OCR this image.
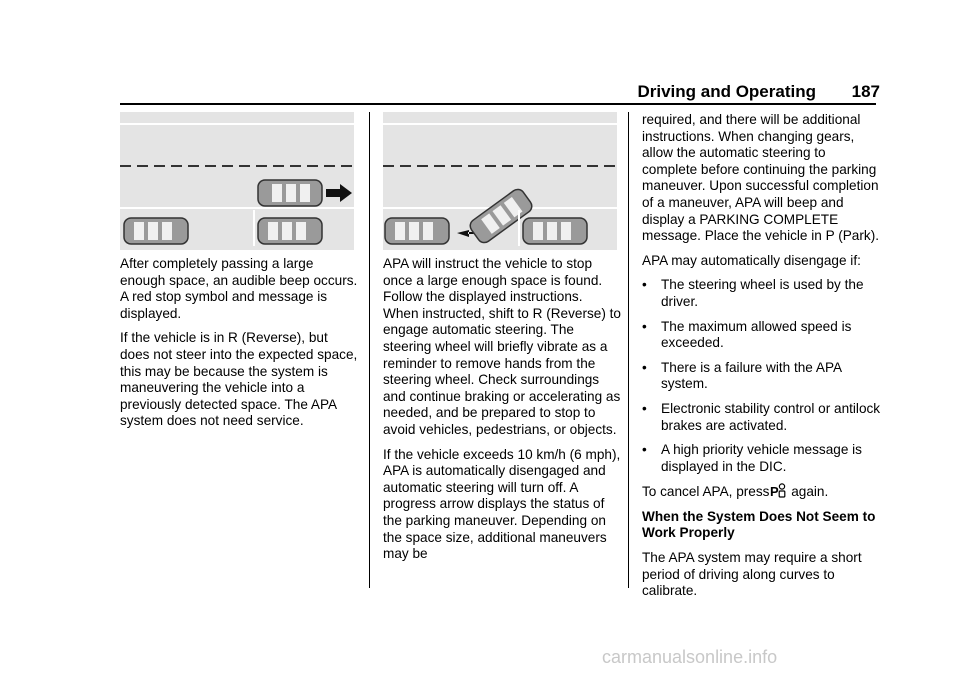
Driving and Operating 187

After completely passing a large enough space, an audible beep occurs. A red stop symbol and message is displayed.

If the vehicle is in R (Reverse), but does not steer into the expected space, this may be because the system is maneuvering the vehicle into a previously detected space. The APA system does not need service.

APA will instruct the vehicle to stop once a large enough space is found. Follow the displayed instructions. When instructed, shift to R (Reverse) to engage automatic steering. The steering wheel will briefly vibrate as a reminder to remove hands from the steering wheel. Check surroundings and continue braking or accelerating as needed, and be prepared to stop to avoid vehicles, pedestrians, or objects.

If the vehicle exceeds 10 km/h (6 mph), APA is automatically disengaged and automatic steering will turn off. A progress arrow displays the status of the parking maneuver. Depending on the space size, additional maneuvers may be

required, and there will be additional instructions. When changing gears, allow the automatic steering to complete before continuing the parking maneuver. Upon successful completion of a maneuver, APA will beep and display a PARKING COMPLETE message. Place the vehicle in P (Park).

APA may automatically disengage if:

• The steering wheel is used by the driver.
• The maximum allowed speed is exceeded.
• There is a failure with the APA system.
• Electronic stability control or antilock brakes are activated.
• A high priority vehicle message is displayed in the DIC.

To cancel APA, press P again.

When the System Does Not Seem to Work Properly

The APA system may require a short period of driving along curves to calibrate.

carmanualsonline.info
